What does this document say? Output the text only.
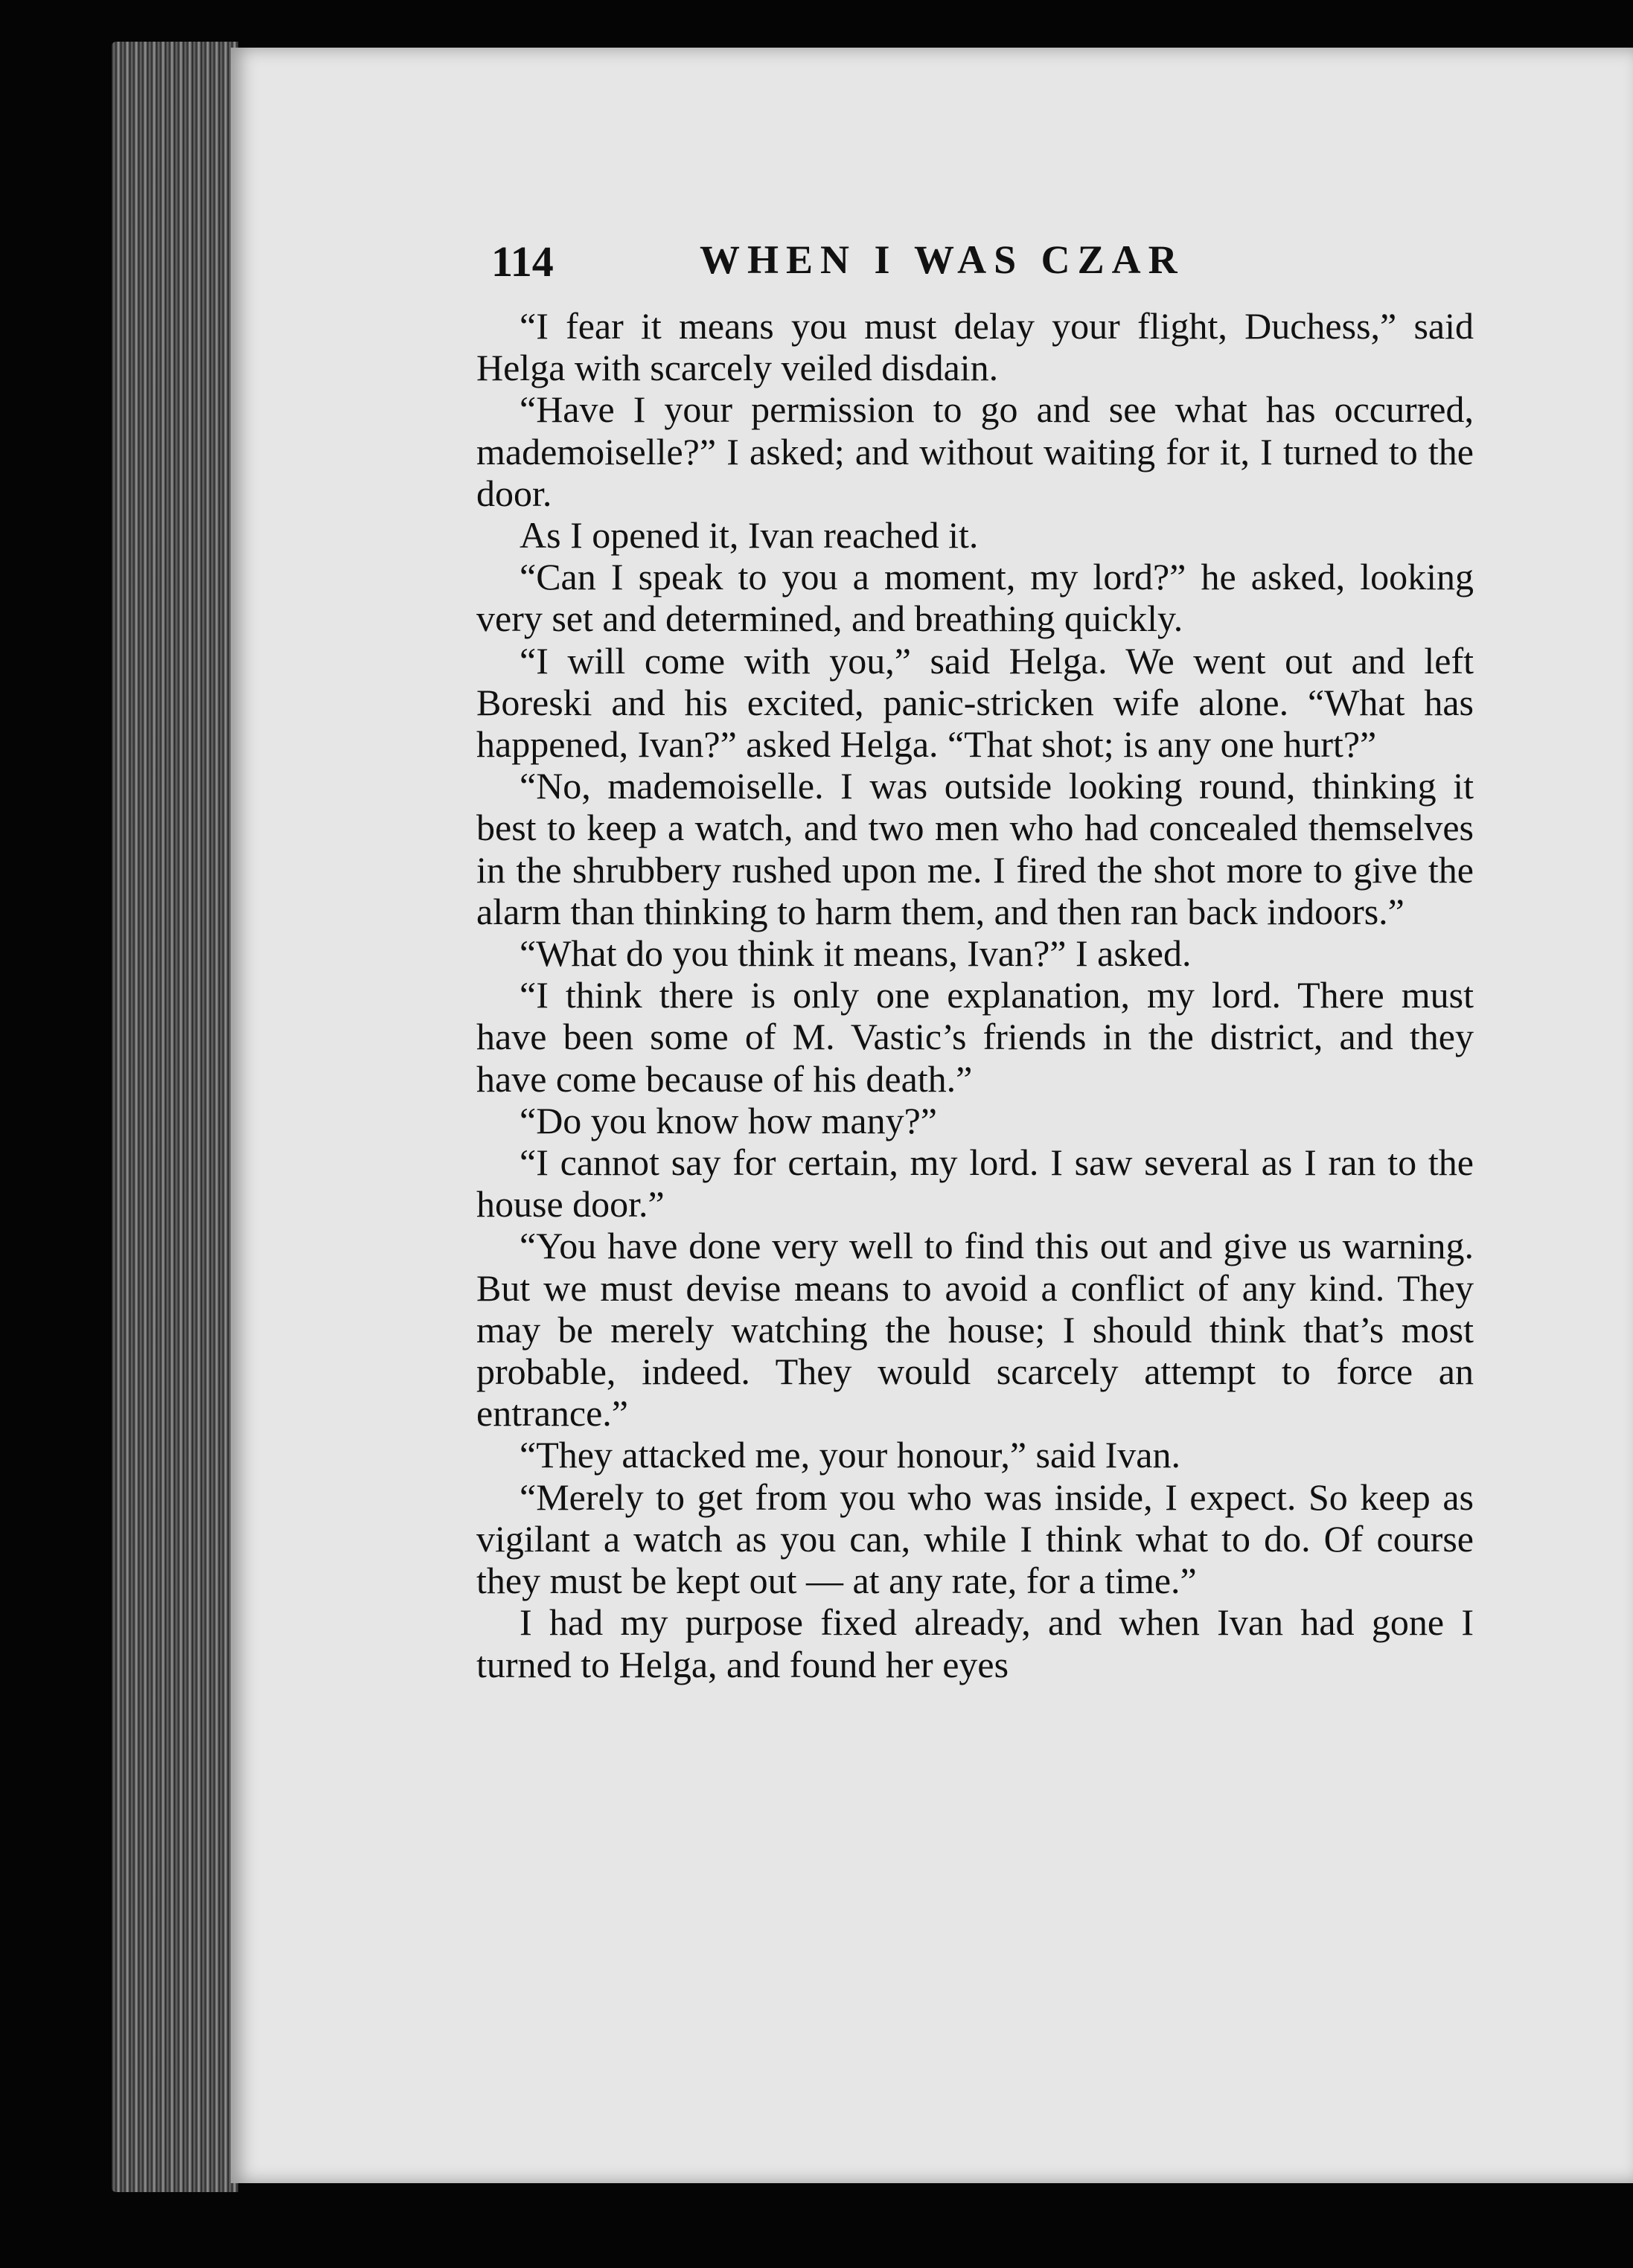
114	WHEN I WAS CZAR

“I fear it means you must delay your flight, Duchess,” said Helga with scarcely veiled disdain.

“Have I your permission to go and see what has occurred, mademoiselle?” I asked; and without waiting for it, I turned to the door.

As I opened it, Ivan reached it.

“Can I speak to you a moment, my lord?” he asked, looking very set and determined, and breathing quickly.

“I will come with you,” said Helga. We went out and left Boreski and his excited, panic-stricken wife alone. “What has happened, Ivan?” asked Helga. “That shot; is any one hurt?”

“No, mademoiselle. I was outside looking round, thinking it best to keep a watch, and two men who had concealed themselves in the shrubbery rushed upon me. I fired the shot more to give the alarm than thinking to harm them, and then ran back indoors.”

“What do you think it means, Ivan?” I asked.

“I think there is only one explanation, my lord. There must have been some of M. Vastic’s friends in the district, and they have come because of his death.”

“Do you know how many?”

“I cannot say for certain, my lord. I saw several as I ran to the house door.”

“You have done very well to find this out and give us warning. But we must devise means to avoid a conflict of any kind. They may be merely watching the house; I should think that’s most probable, indeed. They would scarcely attempt to force an entrance.”

“They attacked me, your honour,” said Ivan.

“Merely to get from you who was inside, I expect. So keep as vigilant a watch as you can, while I think what to do. Of course they must be kept out — at any rate, for a time.”

I had my purpose fixed already, and when Ivan had gone I turned to Helga, and found her eyes
